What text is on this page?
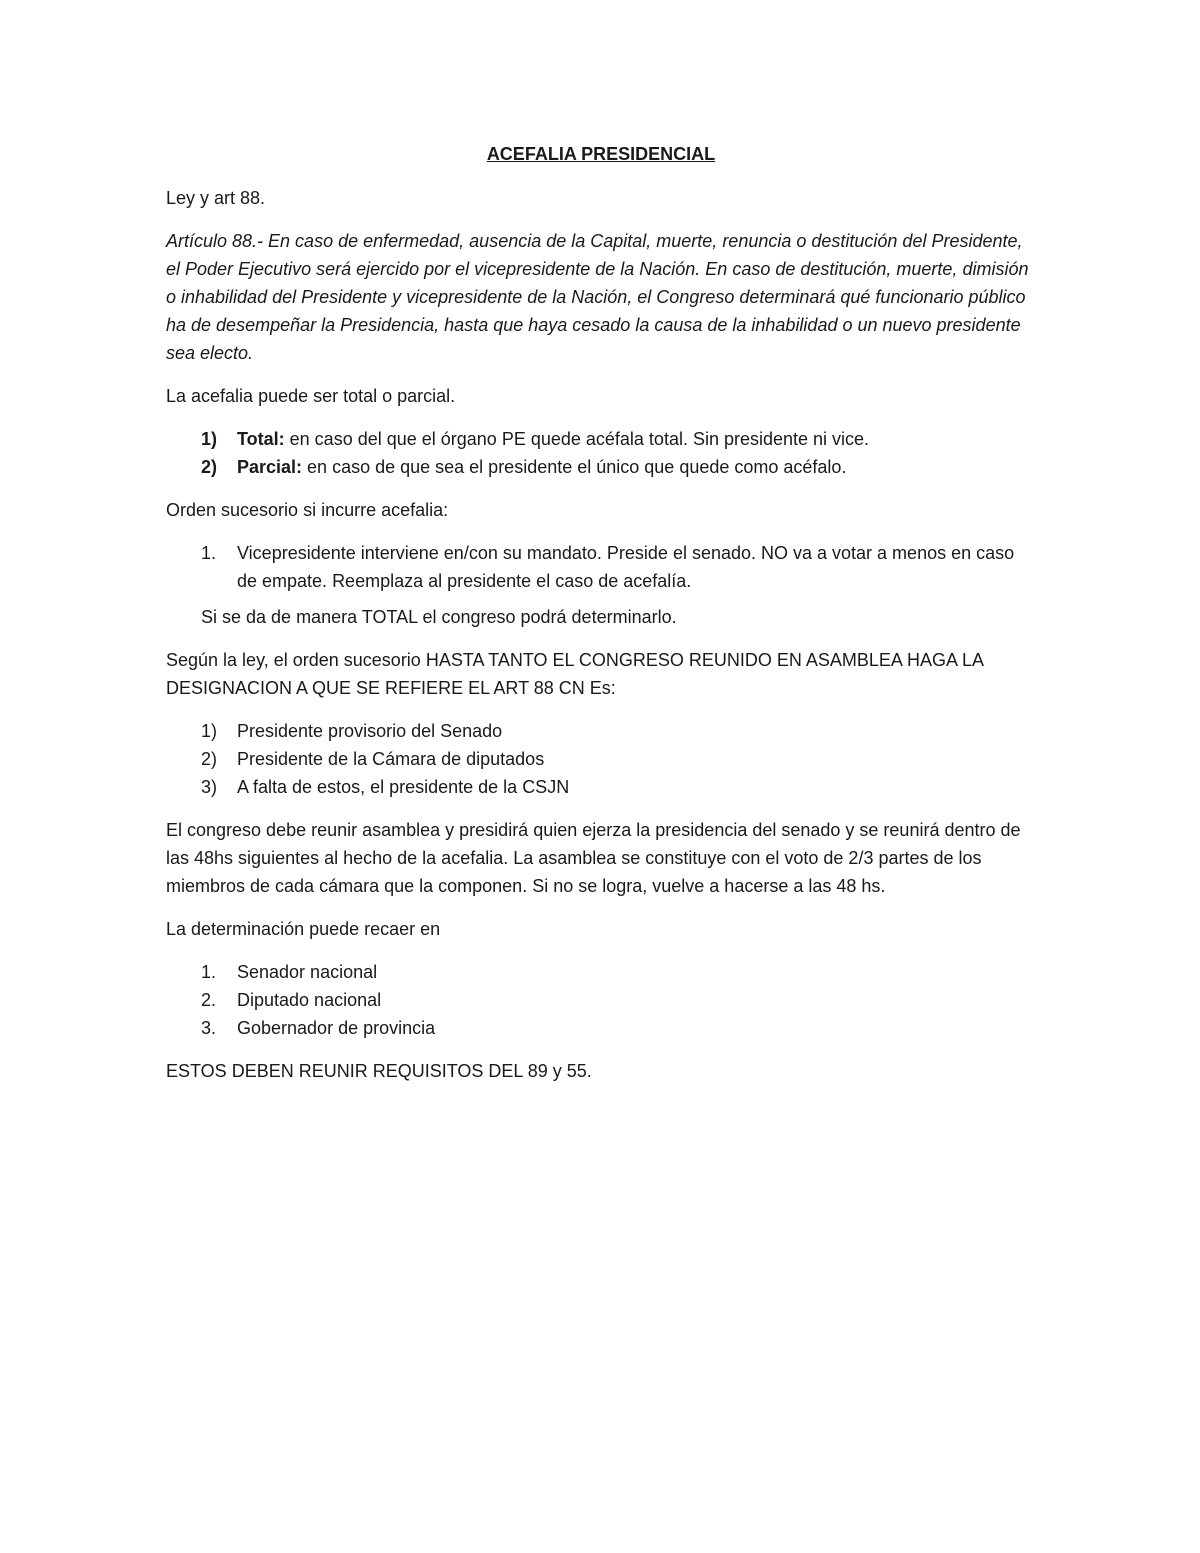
ACEFALIA PRESIDENCIAL

Ley y art 88.

Artículo 88.- En caso de enfermedad, ausencia de la Capital, muerte, renuncia o destitución del Presidente, el Poder Ejecutivo será ejercido por el vicepresidente de la Nación. En caso de destitución, muerte, dimisión o inhabilidad del Presidente y vicepresidente de la Nación, el Congreso determinará qué funcionario público ha de desempeñar la Presidencia, hasta que haya cesado la causa de la inhabilidad o un nuevo presidente sea electo.

La acefalia puede ser total o parcial.

1) Total: en caso del que el órgano PE quede acéfala total. Sin presidente ni vice.
2) Parcial: en caso de que sea el presidente el único que quede como acéfalo.

Orden sucesorio si incurre acefalia:

1. Vicepresidente interviene en/con su mandato. Preside el senado. NO va a votar a menos en caso de empate. Reemplaza al presidente el caso de acefalía.

Si se da de manera TOTAL el congreso podrá determinarlo.

Según la ley, el orden sucesorio HASTA TANTO EL CONGRESO REUNIDO EN ASAMBLEA HAGA LA DESIGNACION A QUE SE REFIERE EL ART 88 CN Es:

1) Presidente provisorio del Senado
2) Presidente de la Cámara de diputados
3) A falta de estos, el presidente de la CSJN

El congreso debe reunir asamblea y presidirá quien ejerza la presidencia del senado y se reunirá dentro de las 48hs siguientes al hecho de la acefalia. La asamblea se constituye con el voto de 2/3 partes de los miembros de cada cámara que la componen. Si no se logra, vuelve a hacerse a las 48 hs.

La determinación puede recaer en

1. Senador nacional
2. Diputado nacional
3. Gobernador de provincia

ESTOS DEBEN REUNIR REQUISITOS DEL 89 y 55.
